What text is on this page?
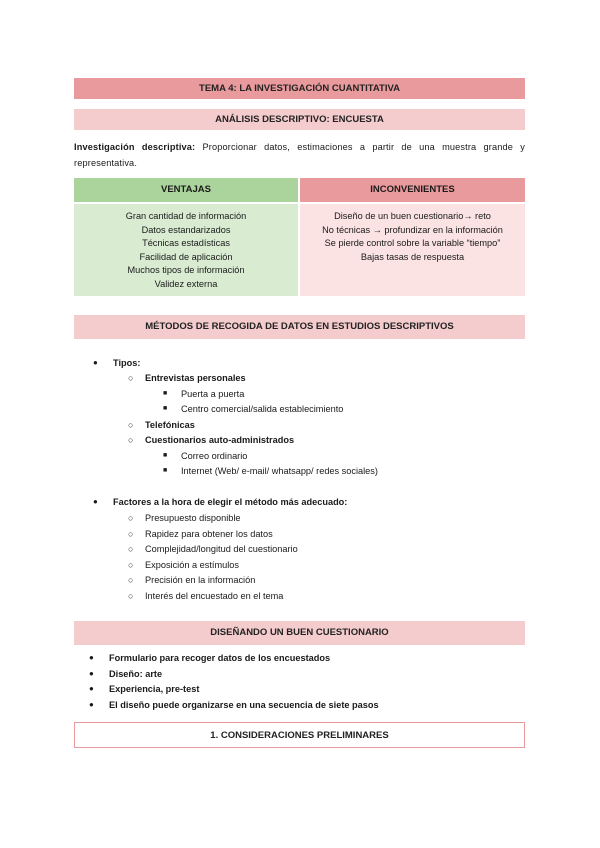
TEMA 4: LA INVESTIGACIÓN CUANTITATIVA
ANÁLISIS DESCRIPTIVO: ENCUESTA
Investigación descriptiva: Proporcionar datos, estimaciones a partir de una muestra grande y representativa.
VENTAJAS	INCONVENIENTES
Gran cantidad de información
Datos estandarizados
Técnicas estadísticas
Facilidad de aplicación
Muchos tipos de información
Validez externa
Diseño de un buen cuestionario→ reto
No técnicas → profundizar en la información
Se pierde control sobre la variable “tiempo”
Bajas tasas de respuesta
MÉTODOS DE RECOGIDA DE DATOS EN ESTUDIOS DESCRIPTIVOS
● Tipos:
○ Entrevistas personales
■ Puerta a puerta
■ Centro comercial/salida establecimiento
○ Telefónicas
○ Cuestionarios auto-administrados
■ Correo ordinario
■ Internet (Web/ e-mail/ whatsapp/ redes sociales)
● Factores a la hora de elegir el método más adecuado:
○ Presupuesto disponible
○ Rapidez para obtener los datos
○ Complejidad/longitud del cuestionario
○ Exposición a estímulos
○ Precisión en la información
○ Interés del encuestado en el tema
DISEÑANDO UN BUEN CUESTIONARIO
● Formulario para recoger datos de los encuestados
● Diseño: arte
● Experiencia, pre-test
● El diseño puede organizarse en una secuencia de siete pasos
1. CONSIDERACIONES PRELIMINARES
